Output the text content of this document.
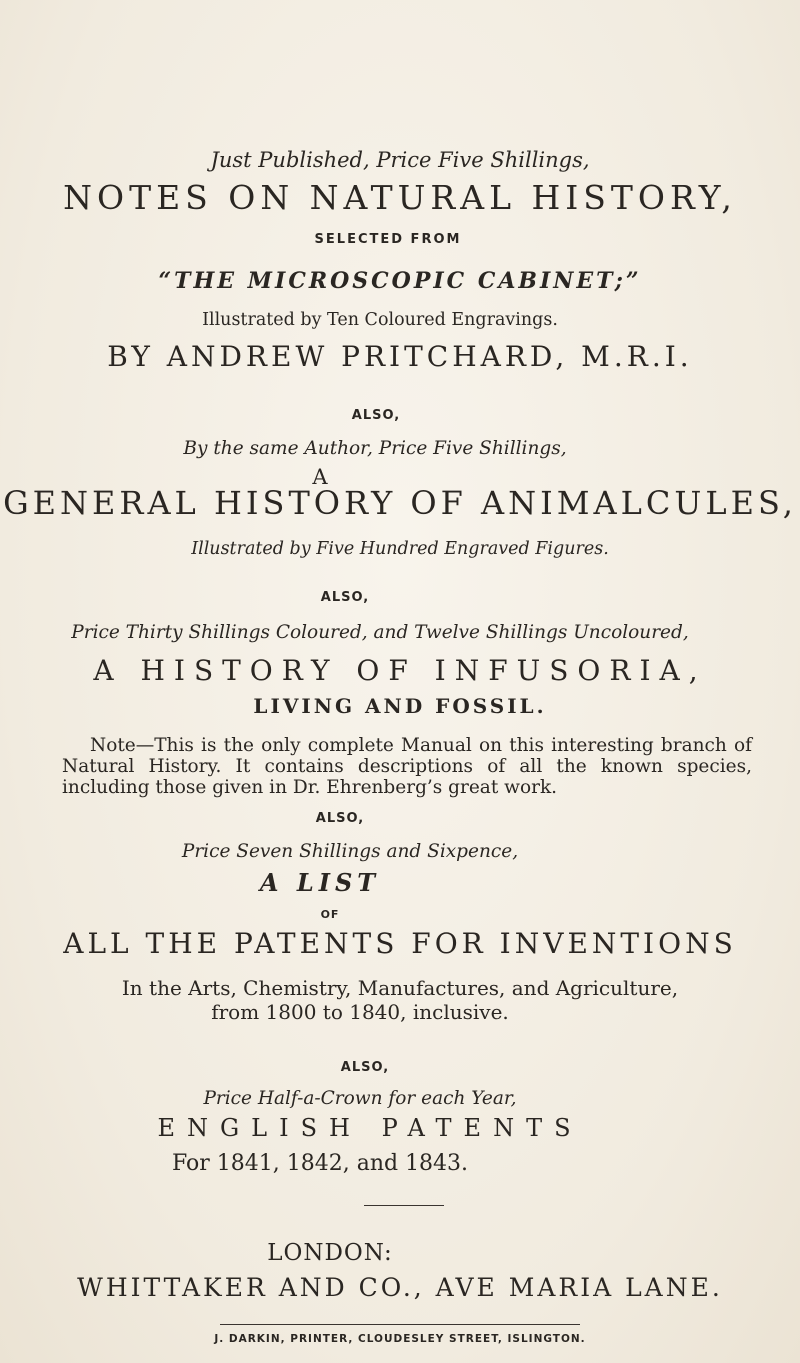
Just Published, Price Five Shillings,
NOTES ON NATURAL HISTORY,
SELECTED FROM
“THE MICROSCOPIC CABINET;”
Illustrated by Ten Coloured Engravings.
BY ANDREW PRITCHARD, M.R.I.
ALSO,
By the same Author, Price Five Shillings,
A
GENERAL HISTORY OF ANIMALCULES,
Illustrated by Five Hundred Engraved Figures.
ALSO,
Price Thirty Shillings Coloured, and Twelve Shillings Uncoloured,
A HISTORY OF INFUSORIA,
LIVING AND FOSSIL.
Note—This is the only complete Manual on this interesting branch of Natural History. It contains descriptions of all the known species, including those given in Dr. Ehrenberg’s great work.
ALSO,
Price Seven Shillings and Sixpence,
A LIST
OF
ALL THE PATENTS FOR INVENTIONS
In the Arts, Chemistry, Manufactures, and Agriculture,
from 1800 to 1840, inclusive.
ALSO,
Price Half-a-Crown for each Year,
ENGLISH PATENTS
For 1841, 1842, and 1843.
LONDON:
WHITTAKER AND CO., AVE MARIA LANE.
J. DARKIN, PRINTER, CLOUDESLEY STREET, ISLINGTON.
